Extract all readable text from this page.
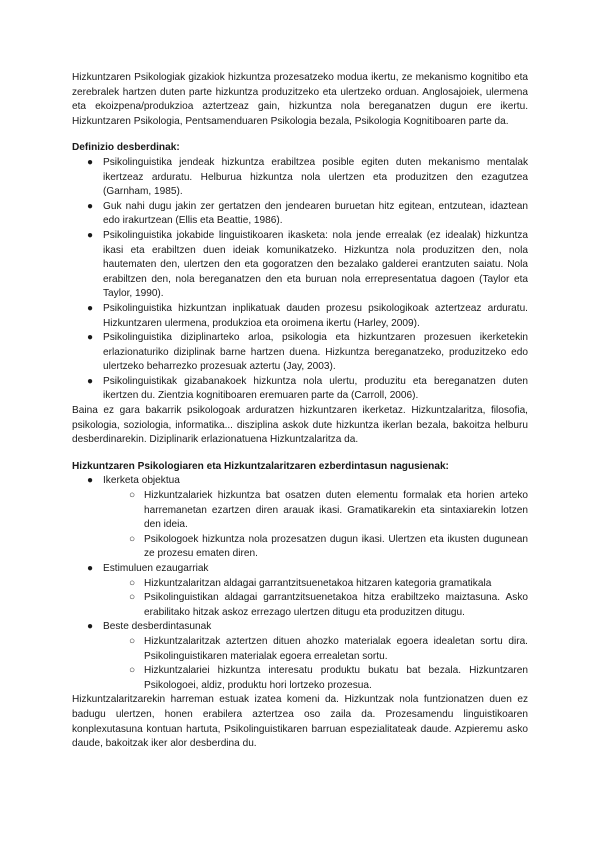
Hizkuntzaren Psikologiak gizakiok hizkuntza prozesatzeko modua ikertu, ze mekanismo kognitibo eta zerebralek hartzen duten parte hizkuntza produzitzeko eta ulertzeko orduan. Anglosajoiek, ulermena eta ekoizpena/produkzioa aztertzeaz gain, hizkuntza nola bereganatzen dugun ere ikertu. Hizkuntzaren Psikologia, Pentsamenduaren Psikologia bezala, Psikologia Kognitiboaren parte da.

Definizio desberdinak:
● Psikolinguistika jendeak hizkuntza erabiltzea posible egiten duten mekanismo mentalak ikertzeaz arduratu. Helburua hizkuntza nola ulertzen eta produzitzen den ezagutzea (Garnham, 1985).
● Guk nahi dugu jakin zer gertatzen den jendearen buruetan hitz egitean, entzutean, idaztean edo irakurtzean (Ellis eta Beattie, 1986).
● Psikolinguistika jokabide linguistikoaren ikasketa: nola jende errealak (ez idealak) hizkuntza ikasi eta erabiltzen duen ideiak komunikatzeko. Hizkuntza nola produzitzen den, nola hautematen den, ulertzen den eta gogoratzen den bezalako galderei erantzuten saiatu. Nola erabiltzen den, nola bereganatzen den eta buruan nola errepresentatua dagoen (Taylor eta Taylor, 1990).
● Psikolinguistika hizkuntzan inplikatuak dauden prozesu psikologikoak aztertzeaz arduratu. Hizkuntzaren ulermena, produkzioa eta oroimena ikertu (Harley, 2009).
● Psikolinguistika diziplinarteko arloa, psikologia eta hizkuntzaren prozesuen ikerketekin erlazionaturiko diziplinak barne hartzen duena. Hizkuntza bereganatzeko, produzitzeko edo ulertzeko beharrezko prozesuak aztertu (Jay, 2003).
● Psikolinguistikak gizabanakoek hizkuntza nola ulertu, produzitu eta bereganatzen duten ikertzen du. Zientzia kognitiboaren eremuaren parte da (Carroll, 2006).

Baina ez gara bakarrik psikologoak arduratzen hizkuntzaren ikerketaz. Hizkuntzalaritza, filosofia, psikologia, soziologia, informatika... disziplina askok dute hizkuntza ikerlan bezala, bakoitza helburu desberdinarekin. Diziplinarik erlazionatuena Hizkuntzalaritza da.

Hizkuntzaren Psikologiaren eta Hizkuntzalaritzaren ezberdintasun nagusienak:
● Ikerketa objektua
○ Hizkuntzalariek hizkuntza bat osatzen duten elementu formalak eta horien arteko harremanetan ezartzen diren arauak ikasi. Gramatikarekin eta sintaxiarekin lotzen den ideia.
○ Psikologoek hizkuntza nola prozesatzen dugun ikasi. Ulertzen eta ikusten dugunean ze prozesu ematen diren.
● Estimuluen ezaugarriak
○ Hizkuntzalaritzan aldagai garrantzitsuenetakoa hitzaren kategoria gramatikala
○ Psikolinguistikan aldagai garrantzitsuenetakoa hitza erabiltzeko maiztasuna. Asko erabilitako hitzak askoz errezago ulertzen ditugu eta produzitzen ditugu.
● Beste desberdintasunak
○ Hizkuntzalaritzak aztertzen dituen ahozko materialak egoera idealetan sortu dira. Psikolinguistikaren materialak egoera errealetan sortu.
○ Hizkuntzalariei hizkuntza interesatu produktu bukatu bat bezala. Hizkuntzaren Psikologoei, aldiz, produktu hori lortzeko prozesua.

Hizkuntzalaritzarekin harreman estuak izatea komeni da. Hizkuntzak nola funtzionatzen duen ez badugu ulertzen, honen erabilera aztertzea oso zaila da. Prozesamendu linguistikoaren konplexutasuna kontuan hartuta, Psikolinguistikaren barruan espezialitateak daude. Azpieremu asko daude, bakoitzak iker alor desberdina du.
